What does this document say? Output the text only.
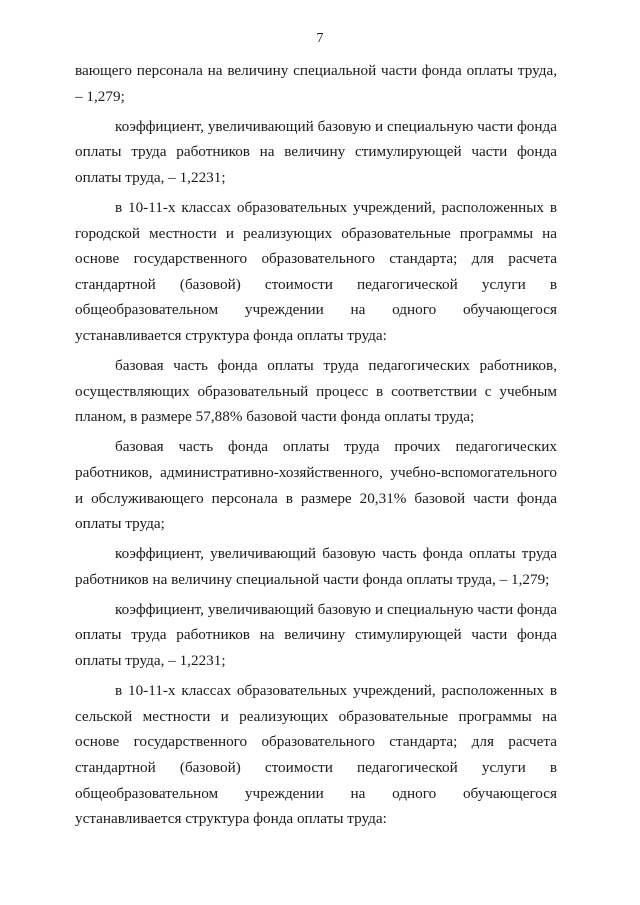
7

вающего персонала на величину специальной части фонда оплаты труда, – 1,279;

коэффициент, увеличивающий базовую и специальную части фонда оплаты труда работников на величину стимулирующей части фонда оплаты труда, – 1,2231;

в 10-11-х классах образовательных учреждений, расположенных в городской местности и реализующих образовательные программы на основе государственного образовательного стандарта; для расчета стандартной (базовой) стоимости педагогической услуги в общеобразовательном учреждении на одного обучающегося устанавливается структура фонда оплаты труда:

базовая часть фонда оплаты труда педагогических работников, осуществляющих образовательный процесс в соответствии с учебным планом, в размере 57,88% базовой части фонда оплаты труда;

базовая часть фонда оплаты труда прочих педагогических работников, административно-хозяйственного, учебно-вспомогательного и обслуживающего персонала в размере 20,31% базовой части фонда оплаты труда;

коэффициент, увеличивающий базовую часть фонда оплаты труда работников на величину специальной части фонда оплаты труда, – 1,279;

коэффициент, увеличивающий базовую и специальную части фонда оплаты труда работников на величину стимулирующей части фонда оплаты труда, – 1,2231;

в 10-11-х классах образовательных учреждений, расположенных в сельской местности и реализующих образовательные программы на основе государственного образовательного стандарта; для расчета стандартной (базовой) стоимости педагогической услуги в общеобразовательном учреждении на одного обучающегося устанавливается структура фонда оплаты труда:
